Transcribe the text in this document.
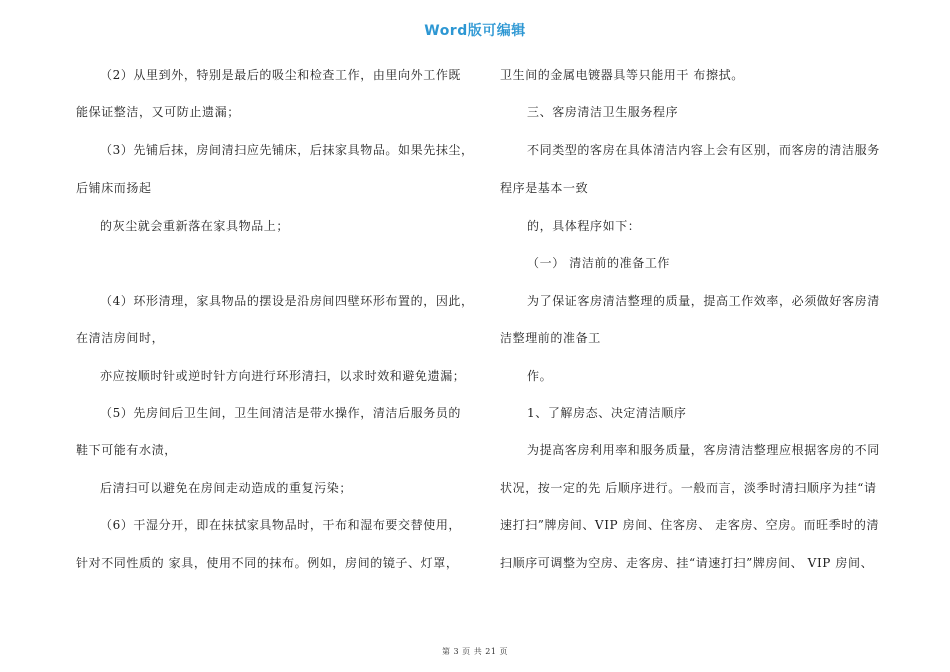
Word版可编辑
（2）从里到外，特别是最后的吸尘和检查工作，由里向外工作既
能保证整洁，又可防止遗漏；
（3）先铺后抹，房间清扫应先铺床，后抹家具物品。如果先抹尘，
后铺床而扬起
的灰尘就会重新落在家具物品上；
（4）环形清理，家具物品的摆设是沿房间四壁环形布置的，因此，
在清洁房间时，
亦应按顺时针或逆时针方向进行环形清扫，以求时效和避免遗漏；
（5）先房间后卫生间，卫生间清洁是带水操作，清洁后服务员的
鞋下可能有水渍，
后清扫可以避免在房间走动造成的重复污染；
（6）干湿分开，即在抹拭家具物品时，干布和湿布要交替使用，
针对不同性质的 家具，使用不同的抹布。例如，房间的镜子、灯罩，
卫生间的金属电镀器具等只能用干 布擦拭。
三、客房清洁卫生服务程序
不同类型的客房在具体清洁内容上会有区别，而客房的清洁服务
程序是基本一致
的，具体程序如下：
（一） 清洁前的准备工作
为了保证客房清洁整理的质量，提高工作效率，必须做好客房清
洁整理前的准备工
作。
1、了解房态、决定清洁顺序
为提高客房利用率和服务质量，客房清洁整理应根据客房的不同
状况，按一定的先 后顺序进行。一般而言，淡季时清扫顺序为挂“请
速打扫”牌房间、VIP 房间、住客房、 走客房、空房。而旺季时的清
扫顺序可调整为空房、走客房、挂“请速打扫”牌房间、 VIP 房间、
第 3 页 共 21 页
